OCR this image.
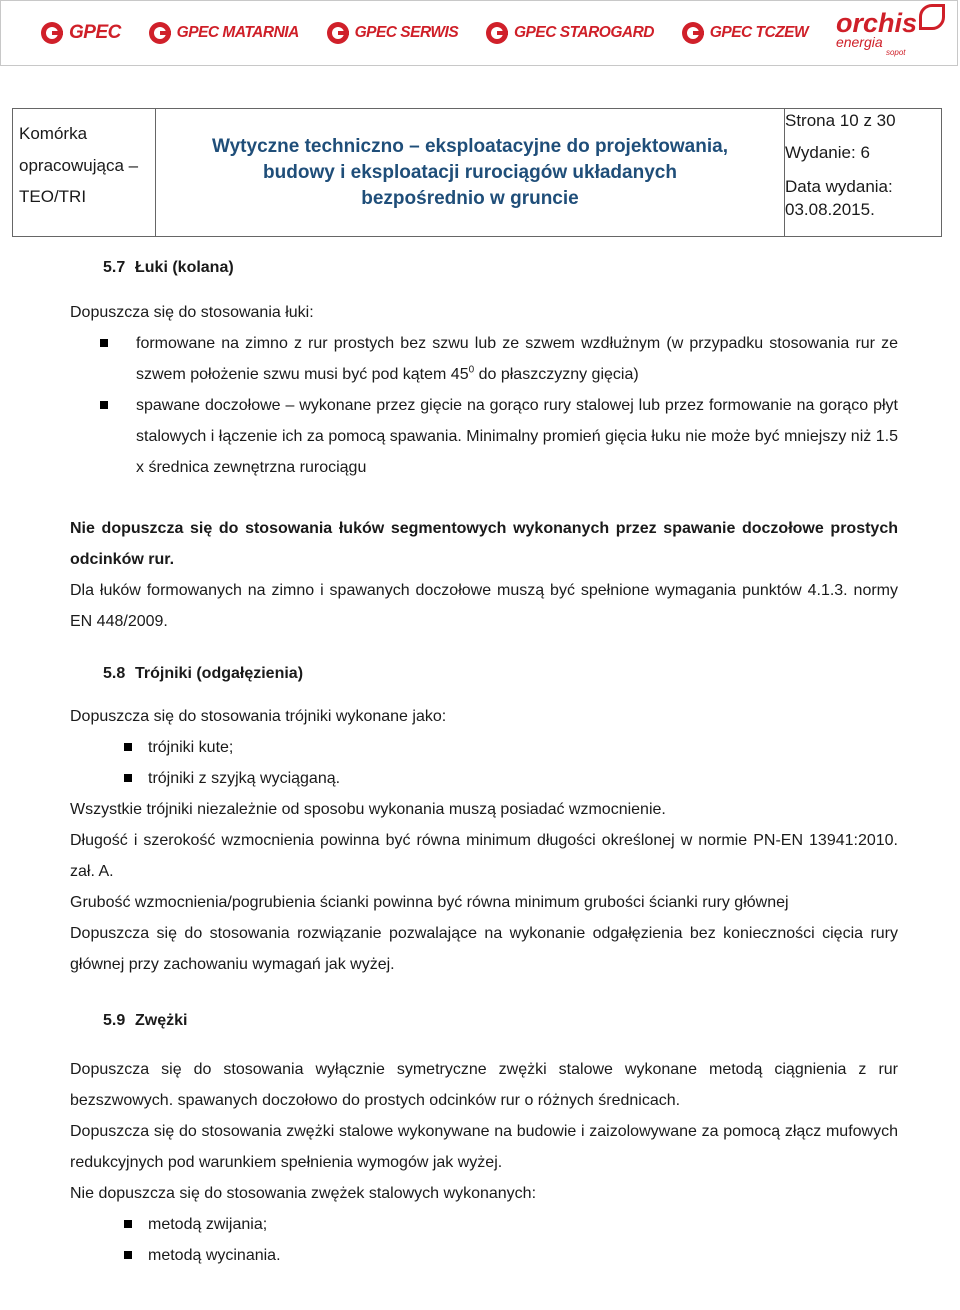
GPEC	GPEC MATARNIA	GPEC SERWIS	GPEC STAROGARD	GPEC TCZEW orchis
energia
sopot
Komórka
opracowująca –
TEO/TRI

Wytyczne techniczno – eksploatacyjne do projektowania,
budowy i eksploatacji rurociągów układanych
bezpośrednio w gruncie

Strona 10 z 30
Wydanie: 6
Data wydania:
03.08.2015.
5.7 Łuki (kolana)

Dopuszcza się do stosowania łuki:

formowane na zimno z rur prostych bez szwu lub ze szwem wzdłużnym (w przypadku stosowania rur ze szwem położenie szwu musi być pod kątem $45^0$ do płaszczyzny gięcia)
spawane doczołowe – wykonane przez gięcie na gorąco rury stalowej lub przez formowanie na gorąco płyt stalowych i łączenie ich za pomocą spawania. Minimalny promień gięcia łuku nie może być mniejszy niż 1.5 x średnica zewnętrzna rurociągu

Nie dopuszcza się do stosowania łuków segmentowych wykonanych przez spawanie doczołowe prostych odcinków rur.

Dla łuków formowanych na zimno i spawanych doczołowe muszą być spełnione wymagania punktów 4.1.3. normy EN 448/2009.

5.8 Trójniki (odgałęzienia)

Dopuszcza się do stosowania trójniki wykonane jako:

trójniki kute;
trójniki z szyjką wyciąganą.

Wszystkie trójniki niezależnie od sposobu wykonania muszą posiadać wzmocnienie.

Długość i szerokość wzmocnienia powinna być równa minimum długości określonej w normie PN-EN 13941:2010. zał. A.

Grubość wzmocnienia/pogrubienia ścianki powinna być równa minimum grubości ścianki rury głównej

Dopuszcza się do stosowania rozwiązanie pozwalające na wykonanie odgałęzienia bez konieczności cięcia rury głównej przy zachowaniu wymagań jak wyżej.

5.9 Zwężki

Dopuszcza się do stosowania wyłącznie symetryczne zwężki stalowe wykonane metodą ciągnienia z rur bezszwowych. spawanych doczołowo do prostych odcinków rur o różnych średnicach.

Dopuszcza się do stosowania zwężki stalowe wykonywane na budowie i zaizolowywane za pomocą złącz mufowych redukcyjnych pod warunkiem spełnienia wymogów jak wyżej.

Nie dopuszcza się do stosowania zwężek stalowych wykonanych:

metodą zwijania;
metodą wycinania.
